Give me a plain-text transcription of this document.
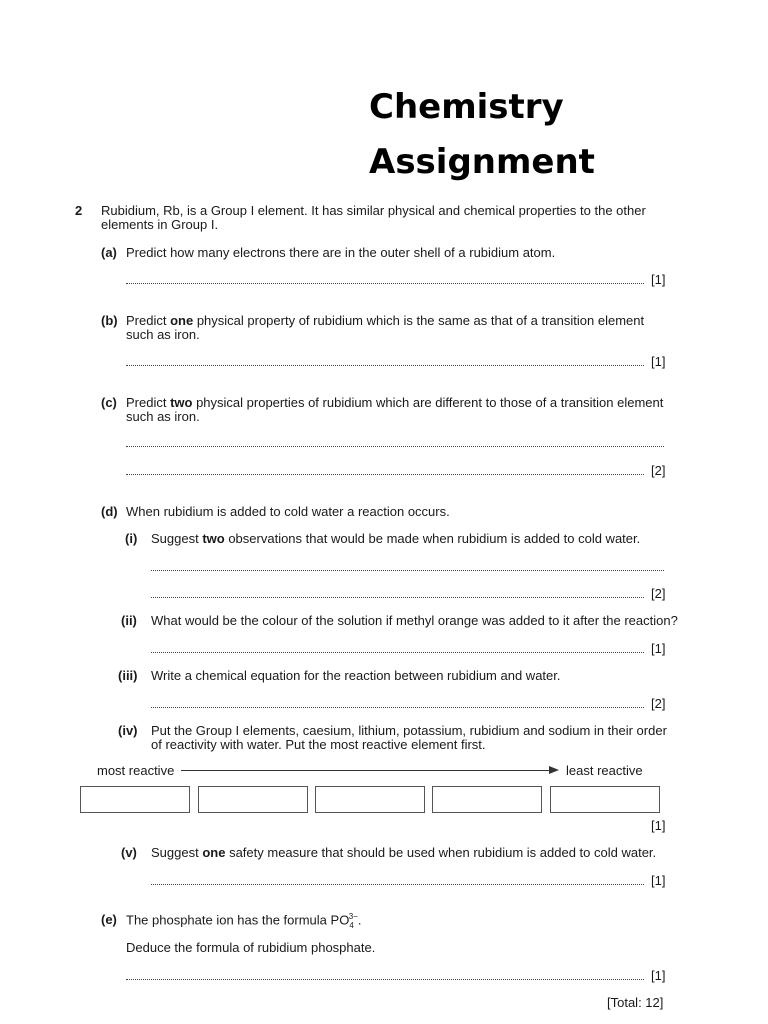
Chemistry
Assignment
2 Rubidium, Rb, is a Group I element. It has similar physical and chemical properties to the other
elements in Group I.
(a) Predict how many electrons there are in the outer shell of a rubidium atom.
[1]
(b) Predict one physical property of rubidium which is the same as that of a transition element
such as iron.
[1]
(c) Predict two physical properties of rubidium which are different to those of a transition element
such as iron.
[2]
(d) When rubidium is added to cold water a reaction occurs.
(i) Suggest two observations that would be made when rubidium is added to cold water.
[2]
(ii) What would be the colour of the solution if methyl orange was added to it after the reaction?
[1]
(iii) Write a chemical equation for the reaction between rubidium and water.
[2]
(iv) Put the Group I elements, caesium, lithium, potassium, rubidium and sodium in their order
of reactivity with water. Put the most reactive element first.
most reactive	least reactive
[1]
(v) Suggest one safety measure that should be used when rubidium is added to cold water.
[1]
(e) The phosphate ion has the formula $PO_4^{3-}$.
Deduce the formula of rubidium phosphate.
[1]
[Total: 12]
